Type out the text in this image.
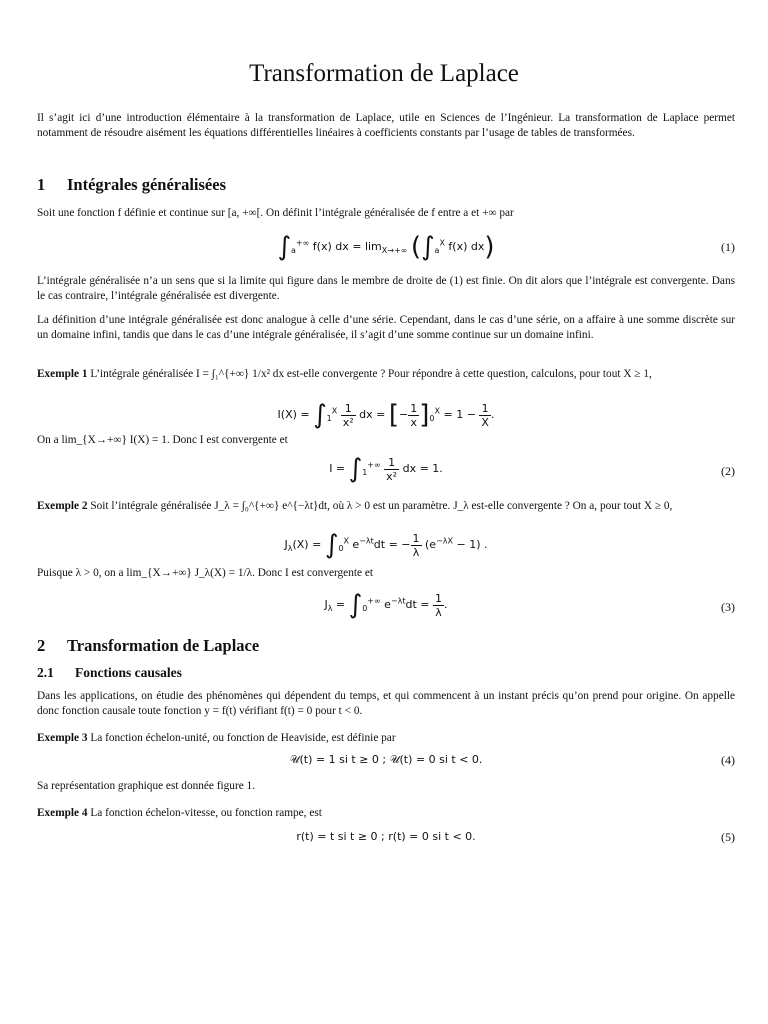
Transformation de Laplace
Il s’agit ici d’une introduction élémentaire à la transformation de Laplace, utile en Sciences de l’Ingénieur. La transformation de Laplace permet notamment de résoudre aisément les équations différentielles linéaires à coefficients constants par l’usage de tables de transformées.
1 Intégrales généralisées
Soit une fonction f définie et continue sur [a, +∞[. On définit l’intégrale généralisée de f entre a et +∞ par
$\int_a^{+\infty}$ f(x) dx = $\lim_{X\to+\infty} (\int_a^X$ f(x) dx)	(1)
L’intégrale généralisée n’a un sens que si la limite qui figure dans le membre de droite de (1) est finie. On dit alors que l’intégrale est convergente. Dans le cas contraire, l’intégrale généralisée est divergente.
La définition d’une intégrale généralisée est donc analogue à celle d’une série. Cependant, dans le cas d’une série, on a affaire à une somme discrète sur un domaine infini, tandis que dans le cas d’une intégrale généralisée, il s’agit d’une somme continue sur un domaine infini.
Exemple 1 L’intégrale généralisée I = ∫₁^{+∞} 1/x² dx est-elle convergente ? Pour répondre à cette question, calculons, pour tout X ≥ 1,
$I(X) = \int_1^X \frac{1}{\text{x²}}$ dx = [− $\frac{1}{x} ]_0^X = 1 - \frac{1}{X}$ .
On a lim_{X→+∞} I(X) = 1. Donc I est convergente et
$I = \int_1^{+\infty} \frac{1}{\text{x²}}$ dx = 1.	(2)
Exemple 2 Soit l’intégrale généralisée J_λ = ∫₀^{+∞} e^{−λt}dt, où λ > 0 est un paramètre. J_λ est-elle convergente ? On a, pour tout X ≥ 0,
$J_\lambda(X) = \int_0^X$ $e^{-\lambda t}dt$ = − $\frac{1}{\lambda} (e^{-\lambda X} - 1)$ .
Puisque λ > 0, on a lim_{X→+∞} J_λ(X) = 1/λ. Donc I est convergente et
$J_\lambda = \int_0^{+\infty}$ $e^{-\lambda t}dt = \frac{1}{\lambda}$ .	(3)
2 Transformation de Laplace
2.1 Fonctions causales
Dans les applications, on étudie des phénomènes qui dépendent du temps, et qui commencent à un instant précis qu’on prend pour origine. On appelle donc fonction causale toute fonction y = f(t) vérifiant f(t) = 0 pour t < 0.
Exemple 3 La fonction échelon-unité, ou fonction de Heaviside, est définie par
𝒰(t) = 1 si t ≥ 0 ; 𝒰(t) = 0 si t < 0.	(4)
Sa représentation graphique est donnée figure 1.
Exemple 4 La fonction échelon-vitesse, ou fonction rampe, est
r(t) = t si t ≥ 0 ; r(t) = 0 si t < 0.	(5)
